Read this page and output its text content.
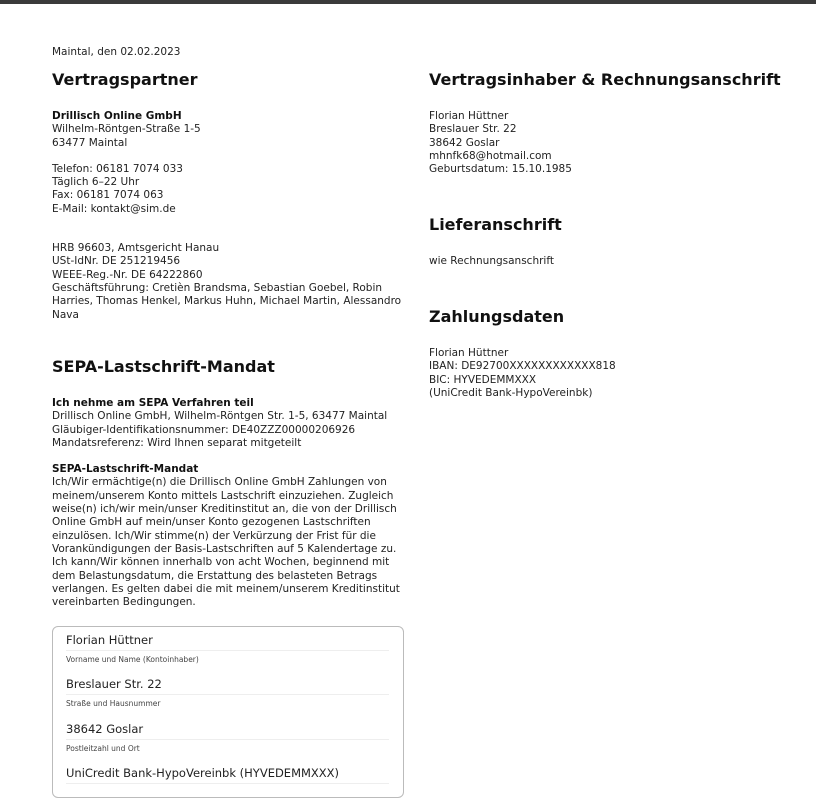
Maintal, den 02.02.2023

Vertragspartner

Drillisch Online GmbH

Wilhelm-Röntgen-Straße 1-5

63477 Maintal

Telefon: 06181 7074 033

Täglich 6–22 Uhr

Fax: 06181 7074 063

E-Mail: kontakt@sim.de

HRB 96603, Amtsgericht Hanau

USt-IdNr. DE 251219456

WEEE-Reg.-Nr. DE 64222860

Geschäftsführung: Cretièn Brandsma, Sebastian Goebel, Robin Harries, Thomas Henkel, Markus Huhn, Michael Martin, Alessandro Nava

SEPA-Lastschrift-Mandat

Ich nehme am SEPA Verfahren teil

Drillisch Online GmbH, Wilhelm-Röntgen Str. 1-5, 63477 Maintal

Gläubiger-Identifikationsnummer: DE40ZZZ00000206926

Mandatsreferenz: Wird Ihnen separat mitgeteilt

SEPA-Lastschrift-Mandat

Ich/Wir ermächtige(n) die Drillisch Online GmbH Zahlungen von meinem/unserem Konto mittels Lastschrift einzuziehen. Zugleich weise(n) ich/wir mein/unser Kreditinstitut an, die von der Drillisch Online GmbH auf mein/unser Konto gezogenen Lastschriften einzulösen. Ich/Wir stimme(n) der Verkürzung der Frist für die Vorankündigungen der Basis-Lastschriften auf 5 Kalendertage zu. Ich kann/Wir können innerhalb von acht Wochen, beginnend mit dem Belastungsdatum, die Erstattung des belasteten Betrags verlangen. Es gelten dabei die mit meinem/unserem Kreditinstitut vereinbarten Bedingungen.

Florian Hüttner
Vorname und Name (Kontoinhaber)
Breslauer Str. 22
Straße und Hausnummer
38642 Goslar
Postleitzahl und Ort
UniCredit Bank-HypoVereinbk (HYVEDEMMXXX)
Vertragsinhaber & Rechnungsanschrift

Florian Hüttner

Breslauer Str. 22

38642 Goslar

mhnfk68@hotmail.com

Geburtsdatum: 15.10.1985

Lieferanschrift

wie Rechnungsanschrift

Zahlungsdaten

Florian Hüttner

IBAN: DE92700XXXXXXXXXXXX818

BIC: HYVEDEMMXXX

(UniCredit Bank-HypoVereinbk)
